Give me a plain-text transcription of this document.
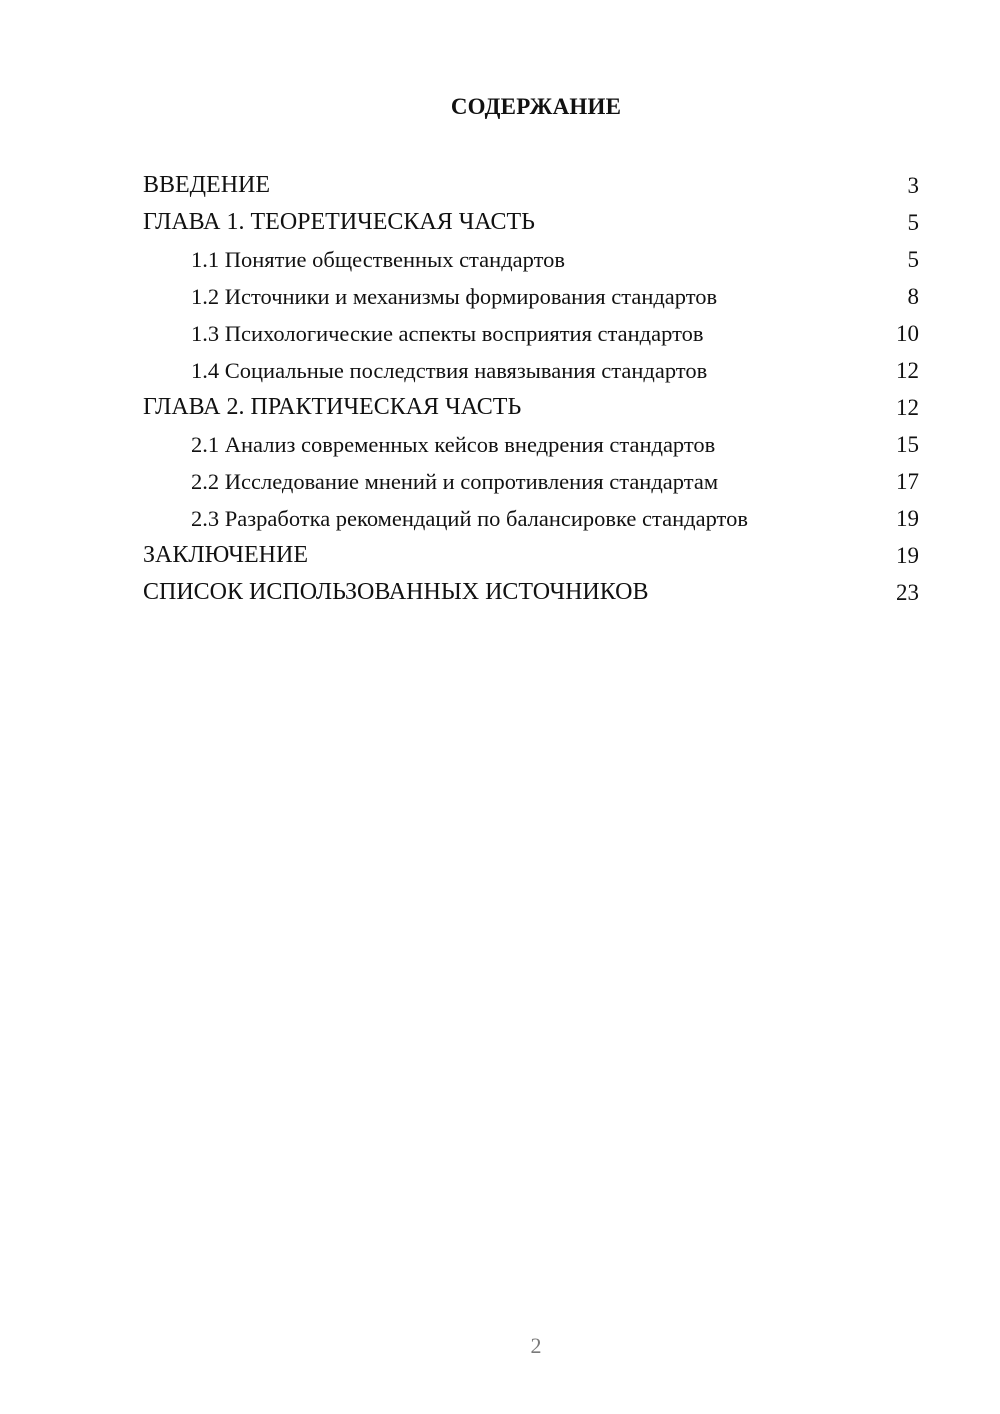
СОДЕРЖАНИЕ
ВВЕДЕНИЕ	3
ГЛАВА 1. ТЕОРЕТИЧЕСКАЯ ЧАСТЬ	5
1.1 Понятие общественных стандартов	5
1.2 Источники и механизмы формирования стандартов	8
1.3 Психологические аспекты восприятия стандартов	10
1.4 Социальные последствия навязывания стандартов	12
ГЛАВА 2. ПРАКТИЧЕСКАЯ ЧАСТЬ	12
2.1 Анализ современных кейсов внедрения стандартов	15
2.2 Исследование мнений и сопротивления стандартам	17
2.3 Разработка рекомендаций по балансировке стандартов	19
ЗАКЛЮЧЕНИЕ	19
СПИСОК ИСПОЛЬЗОВАННЫХ ИСТОЧНИКОВ	23
2
